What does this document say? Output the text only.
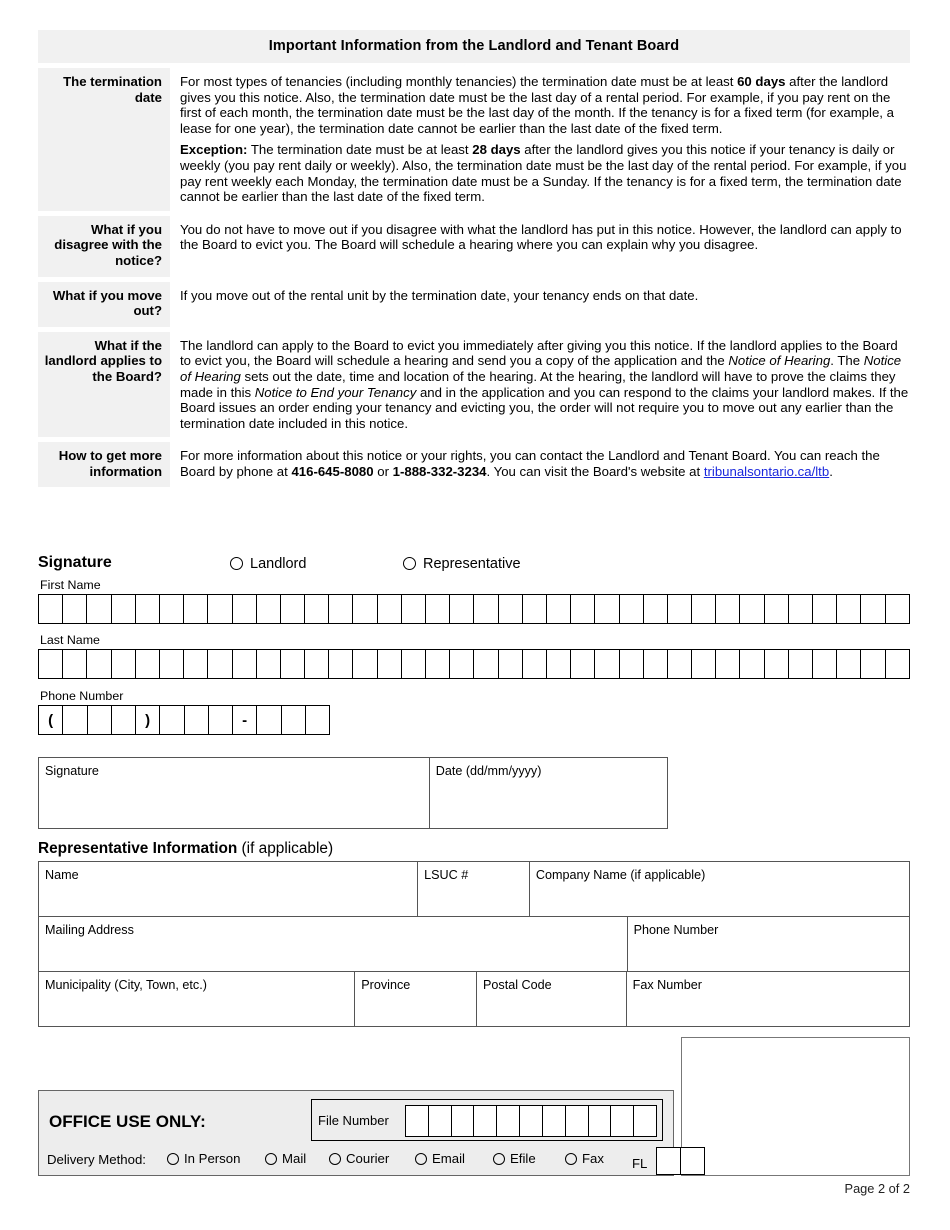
Important Information from the Landlord and Tenant Board	

The termination date	For most types of tenancies (including monthly tenancies) the termination date must be at least 60 days after the landlord gives you this notice. Also, the termination date must be the last day of a rental period. For example, if you pay rent on the first of each month, the termination date must be the last day of the month. If the tenancy is for a fixed term (for example, a lease for one year), the termination date cannot be earlier than the last date of the fixed term.

Exception: The termination date must be at least 28 days after the landlord gives you this notice if your tenancy is daily or weekly (you pay rent daily or weekly). Also, the termination date must be the last day of the rental period. For example, if you pay rent weekly each Monday, the termination date must be a Sunday. If the tenancy is for a fixed term, the termination date cannot be earlier than the last date of the fixed term.

What if you disagree with the notice?	You do not have to move out if you disagree with what the landlord has put in this notice. However, the landlord can apply to the Board to evict you. The Board will schedule a hearing where you can explain why you disagree.

What if you move out?	If you move out of the rental unit by the termination date, your tenancy ends on that date.

What if the landlord applies to the Board?	The landlord can apply to the Board to evict you immediately after giving you this notice. If the landlord applies to the Board to evict you, the Board will schedule a hearing and send you a copy of the application and the Notice of Hearing. The Notice of Hearing sets out the date, time and location of the hearing. At the hearing, the landlord will have to prove the claims they made in this Notice to End your Tenancy and in the application and you can respond to the claims your landlord makes. If the Board issues an order ending your tenancy and evicting you, the order will not require you to move out any earlier than the termination date included in this notice.

How to get more information	For more information about this notice or your rights, you can contact the Landlord and Tenant Board. You can reach the Board by phone at 416-645-8080 or 1-888-332-3234. You can visit the Board's website at tribunalsontario.ca/ltb.

Signature	Landlord	Representative
First Name
Last Name
Phone Number
(	)	-
Signature	Date (dd/mm/yyyy)
Representative Information (if applicable)
Name	LSUC #	Company Name (if applicable)
Mailing Address	Phone Number
Municipality (City, Town, etc.)	Province	Postal Code	Fax Number
OFFICE USE ONLY:	File Number
Delivery Method:	In Person	Mail	Courier	Email	Efile	Fax FL
Page 2 of 2
